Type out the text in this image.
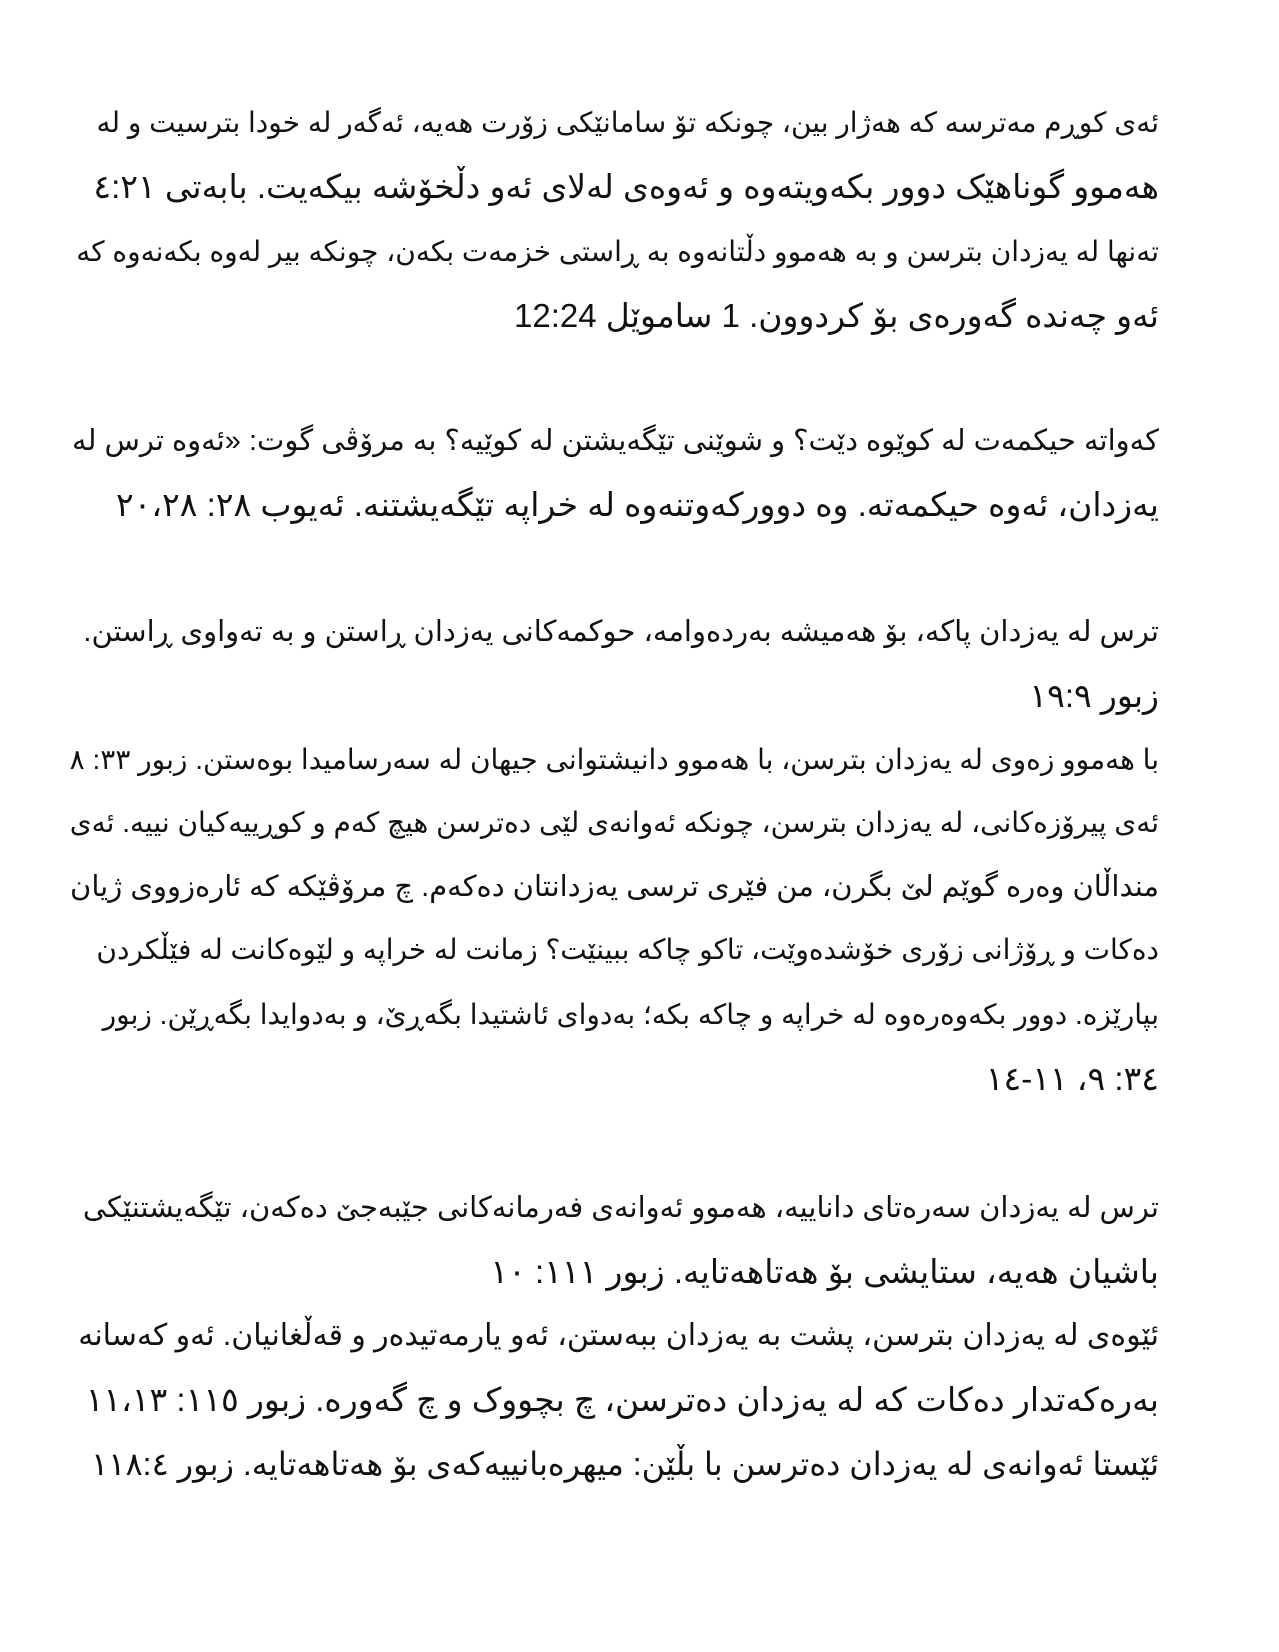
ئەی کوڕم مەترسە کە هەژار بین، چونکە تۆ سامانێکی زۆرت هەیە، ئەگەر لە خودا بترسیت و لە
هەموو گوناهێک دوور بکەویتەوە و ئەوەی لەلای ئەو دڵخۆشە بیکەیت. بابەتی ٤:٢١
تەنها لە یەزدان بترسن و بە هەموو دڵتانەوە بە ڕاستی خزمەت بکەن، چونکە بیر لەوە بکەنەوە کە
ئەو چەندە گەورەی بۆ کردوون. 1 ساموێل 12:24
کەواتە حیکمەت لە کوێوە دێت؟ و شوێنی تێگەیشتن لە کوێیە؟ بە مرۆڤی گوت: «ئەوە ترس لە
یەزدان، ئەوە حیکمەتە. وە دوورکەوتنەوە لە خراپە تێگەیشتنە. ئەیوب ٢٨: ٢٠،٢٨
ترس لە یەزدان پاکە، بۆ هەمیشە بەردەوامە، حوکمەکانی یەزدان ڕاستن و بە تەواوی ڕاستن.
زبور ١٩:٩
با هەموو زەوی لە یەزدان بترسن، با هەموو دانیشتوانی جیهان لە سەرسامیدا بوەستن. زبور ٣٣: ٨
ئەی پیرۆزەکانی، لە یەزدان بترسن، چونکە ئەوانەی لێی دەترسن هیچ کەم و کوڕییەکیان نییە. ئەی
منداڵان وەرە گوێم لێ بگرن، من فێری ترسی یەزدانتان دەکەم. چ مرۆڤێکە کە ئارەزووی ژیان
دەکات و ڕۆژانی زۆری خۆشدەوێت، تاکو چاکە ببینێت؟ زمانت لە خراپە و لێوەکانت لە فێڵکردن
بپارێزە. دوور بکەوەرەوە لە خراپە و چاکە بکە؛ بەدوای ئاشتیدا بگەڕێ، و بەدوایدا بگەڕێن. زبور
٣٤: ٩، ١١-١٤
ترس لە یەزدان سەرەتای داناییە، هەموو ئەوانەی فەرمانەکانی جێبەجێ دەکەن، تێگەیشتنێکی
باشیان هەیە، ستایشی بۆ هەتاهەتایە. زبور ١١١: ١٠
ئێوەی لە یەزدان بترسن، پشت بە یەزدان ببەستن، ئەو یارمەتیدەر و قەڵغانیان. ئەو کەسانە
بەرەکەتدار دەکات کە لە یەزدان دەترسن، چ بچووک و چ گەورە. زبور ١١٥: ١١،١٣
ئێستا ئەوانەی لە یەزدان دەترسن با بڵێن: میهرەبانییەکەی بۆ هەتاهەتایە. زبور ١١٨:٤
